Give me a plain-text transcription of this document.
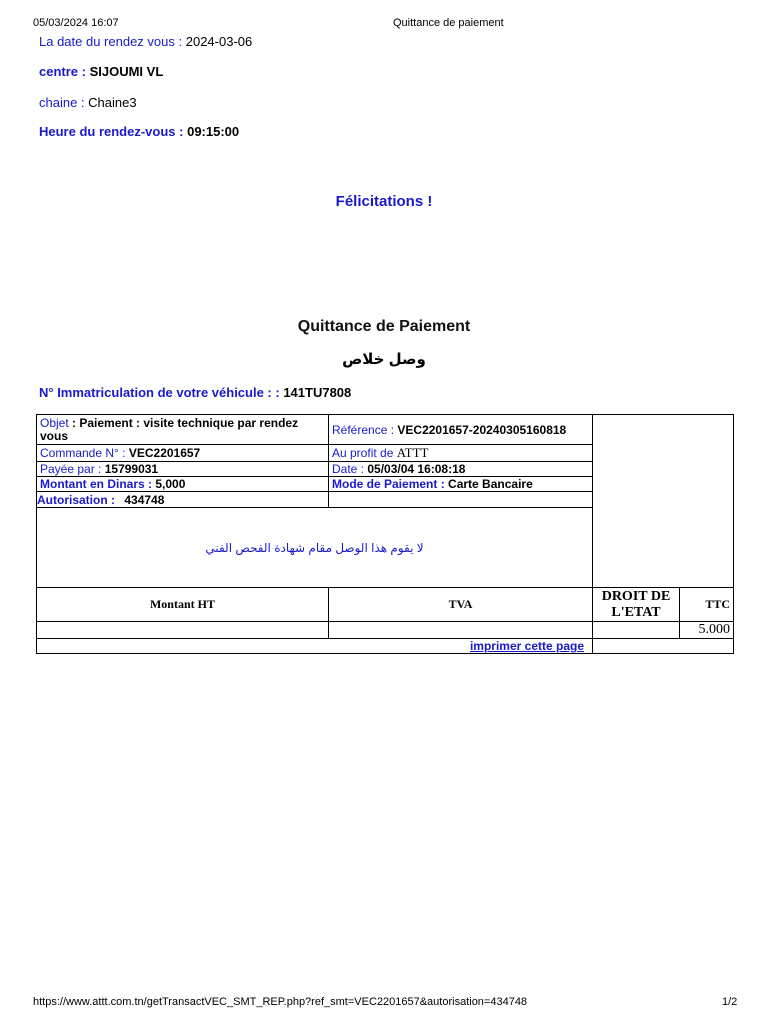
05/03/2024 16:07	Quittance de paiement
La date du rendez vous : 2024-03-06
centre : SIJOUMI VL
chaine : Chaine3
Heure du rendez-vous : 09:15:00
Félicitations !
Quittance de Paiement
وصل خلاص
N° Immatriculation de votre véhicule : : 141TU7808
Objet : Paiement : visite technique par rendez vous	Référence : VEC2201657-20240305160818		
Commande N° : VEC2201657	Au profit de ATTT		
Payée par : 15799031	Date : 05/03/04 16:08:18		
Montant en Dinars : 5,000	Mode de Paiement : Carte Bancaire		
Autorisation : 434748			
لا يقوم هذا الوصل مقام شهادة الفحص الفني			
Montant HT	TVA	DROIT DE L'ETAT	TTC
			5.000
imprimer cette page			
https://www.attt.com.tn/getTransactVEC_SMT_REP.php?ref_smt=VEC2201657&autorisation=434748	1/2
